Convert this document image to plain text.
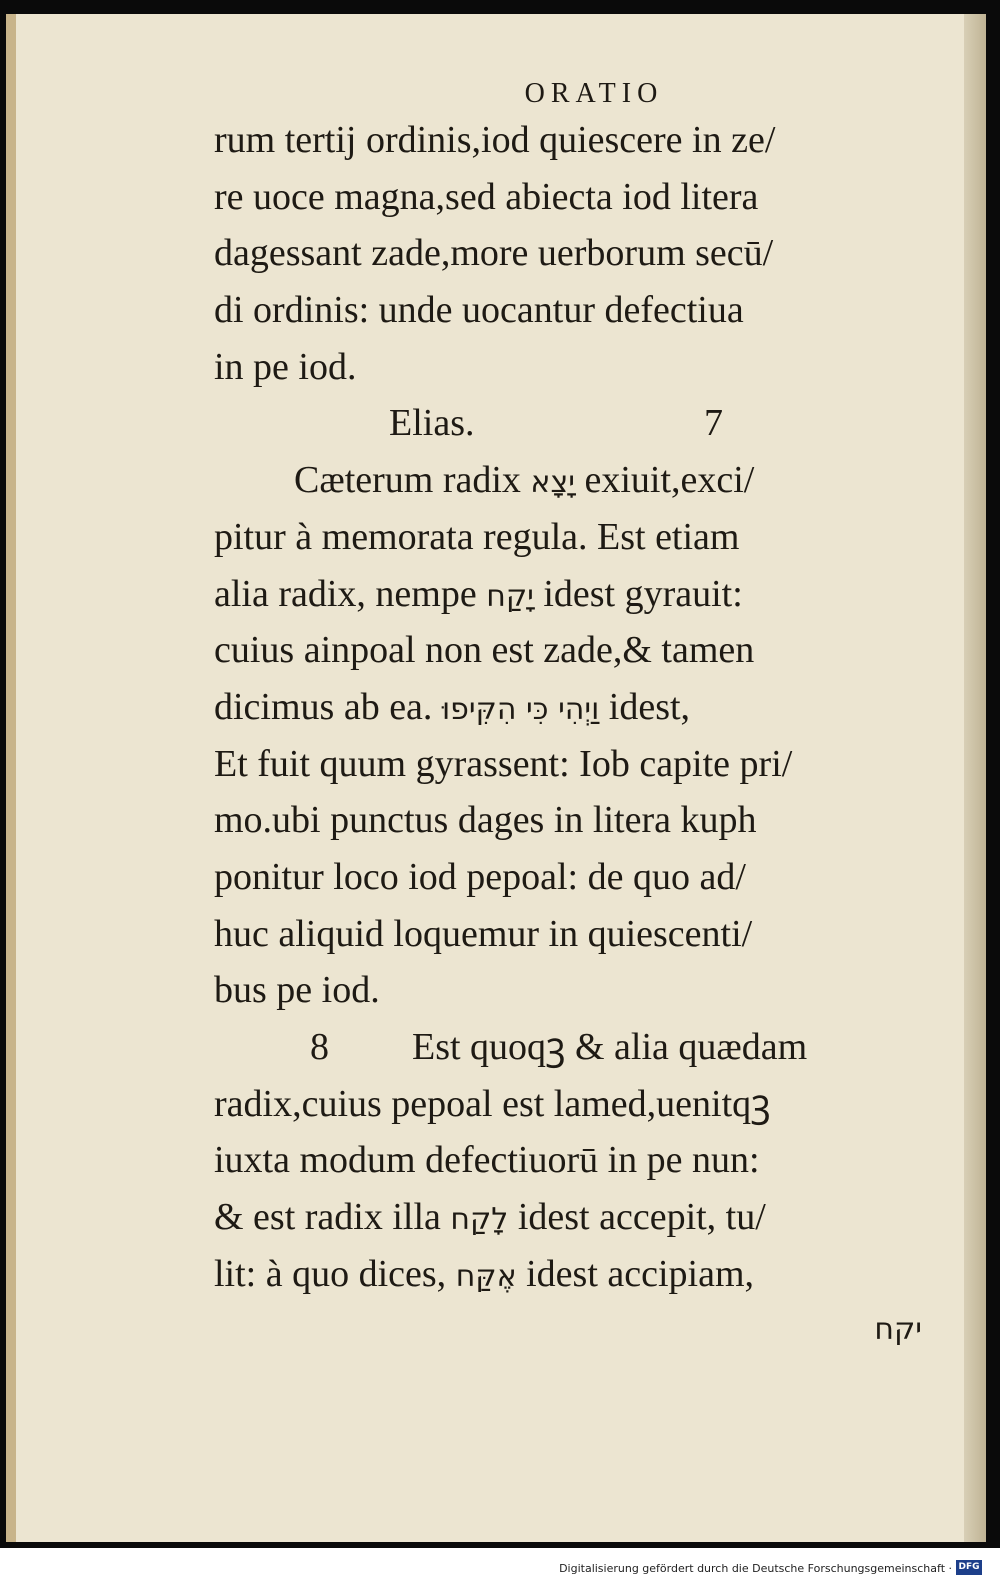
ORATIO
rum tertij ordinis,iod quiescere in ze/
re uoce magna,sed abiecta iod litera
dagessant zade,more uerborum secū/
di ordinis: unde uocantur defectiua
in pe iod.
Elias.	7
Cæterum radix יָצָא exiuit,exci/
pitur à memorata regula. Est etiam
alia radix, nempe יָקַח idest gyrauit:
cuius ainpoal non est zade,& tamen
dicimus ab ea. וַיְהִי כִּי הִקִּיפוּ idest,
Et fuit quum gyrassent: Iob capite pri/
mo.ubi punctus dages in litera kuph
ponitur loco iod pepoal: de quo ad/
huc aliquid loquemur in quiescenti/
bus pe iod.
8 Est quoqꝫ & alia quædam
radix,cuius pepoal est lamed,uenitqꝫ
iuxta modum defectiuorū in pe nun:
& est radix illa לָקַח idest accepit, tu/
lit: à quo dices, אֶקַּח idest accipiam,
יקח
Digitalisierung gefördert durch die Deutsche Forschungsgemeinschaft · DFG
